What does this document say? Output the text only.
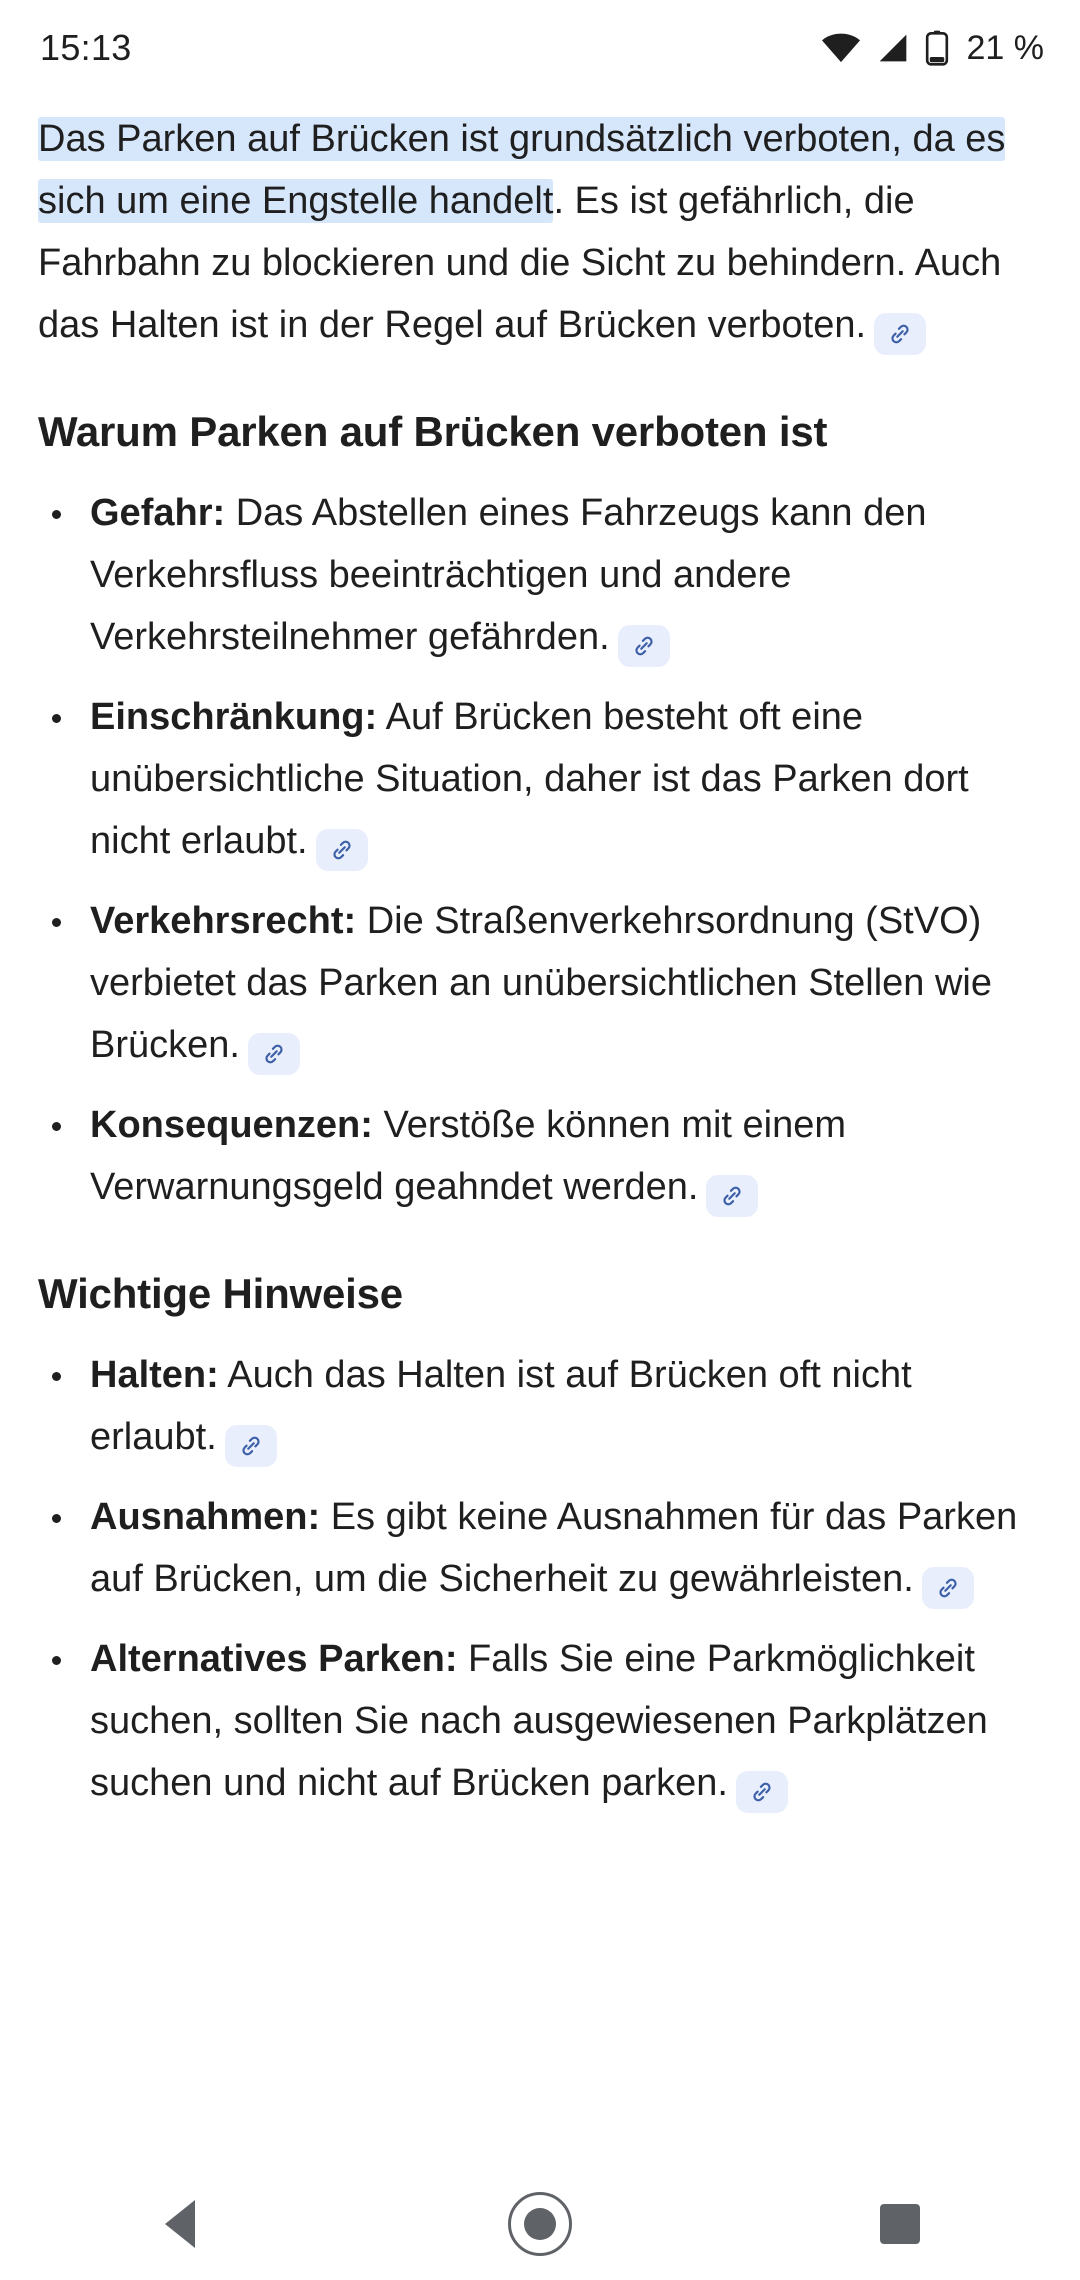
15:13	21 %

Das Parken auf Brücken ist grundsätzlich verboten, da es sich um eine Engstelle handelt. Es ist gefährlich, die Fahrbahn zu blockieren und die Sicht zu behindern. Auch das Halten ist in der Regel auf Brücken verboten.

Warum Parken auf Brücken verboten ist
Gefahr: Das Abstellen eines Fahrzeugs kann den Verkehrsfluss beeinträchtigen und andere Verkehrsteilnehmer gefährden.
Einschränkung: Auf Brücken besteht oft eine unübersichtliche Situation, daher ist das Parken dort nicht erlaubt.
Verkehrsrecht: Die Straßenverkehrsordnung (StVO) verbietet das Parken an unübersichtlichen Stellen wie Brücken.
Konsequenzen: Verstöße können mit einem Verwarnungsgeld geahndet werden.
Wichtige Hinweise
Halten: Auch das Halten ist auf Brücken oft nicht erlaubt.
Ausnahmen: Es gibt keine Ausnahmen für das Parken auf Brücken, um die Sicherheit zu gewährleisten.
Alternatives Parken: Falls Sie eine Parkmöglichkeit suchen, sollten Sie nach ausgewiesenen Parkplätzen suchen und nicht auf Brücken parken.
